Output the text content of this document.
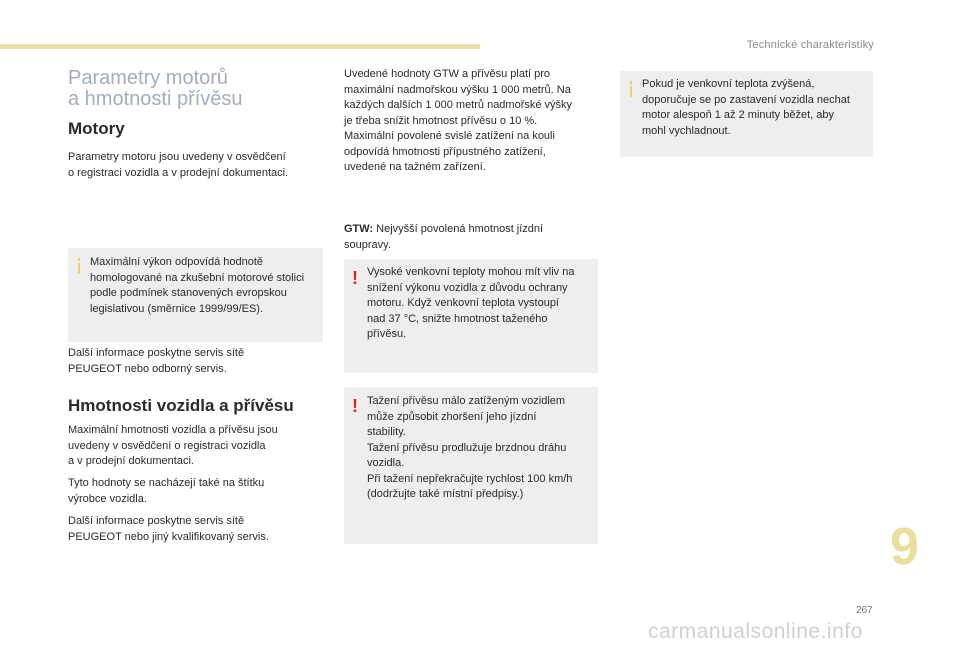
Technické charakteristiky
Parametry motorů
a hmotnosti přívěsu
Motory

Parametry motoru jsou uvedeny v osvědčení

o registraci vozidla a v prodejní dokumentaci.

Maximální výkon odpovídá hodnotě

homologované na zkušební motorové stolici

podle podmínek stanovených evropskou

legislativou (směrnice 1999/99/ES).

Další informace poskytne servis sítě

PEUGEOT nebo odborný servis.

Hmotnosti vozidla a přívěsu

Maximální hmotnosti vozidla a přívěsu jsou

uvedeny v osvědčení o registraci vozidla

a v prodejní dokumentaci.

Tyto hodnoty se nacházejí také na štítku

výrobce vozidla.

Další informace poskytne servis sítě

PEUGEOT nebo jiný kvalifikovaný servis.

Uvedené hodnoty GTW a přívěsu platí pro

maximální nadmořskou výšku 1 000 metrů. Na

každých dalších 1 000 metrů nadmořské výšky

je třeba snížit hmotnost přívěsu o 10 %.

Maximální povolené svislé zatížení na kouli

odpovídá hmotnosti přípustného zatížení,

uvedené na tažném zařízení.

GTW: Nejvyšší povolená hmotnost jízdní

soupravy.

! Vysoké venkovní teploty mohou mít vliv na

snížení výkonu vozidla z důvodu ochrany

motoru. Když venkovní teplota vystoupí

nad 37 °C, snižte hmotnost taženého

přívěsu.

! Tažení přívěsu málo zatíženým vozidlem

může způsobit zhoršení jeho jízdní

stability.

Tažení přívěsu prodlužuje brzdnou dráhu

vozidla.

Při tažení nepřekračujte rychlost 100 km/h

(dodržujte také místní předpisy.)

Pokud je venkovní teplota zvýšená,

doporučuje se po zastavení vozidla nechat

motor alespoň 1 až 2 minuty běžet, aby

mohl vychladnout.

9
267
carmanualsonline.info
